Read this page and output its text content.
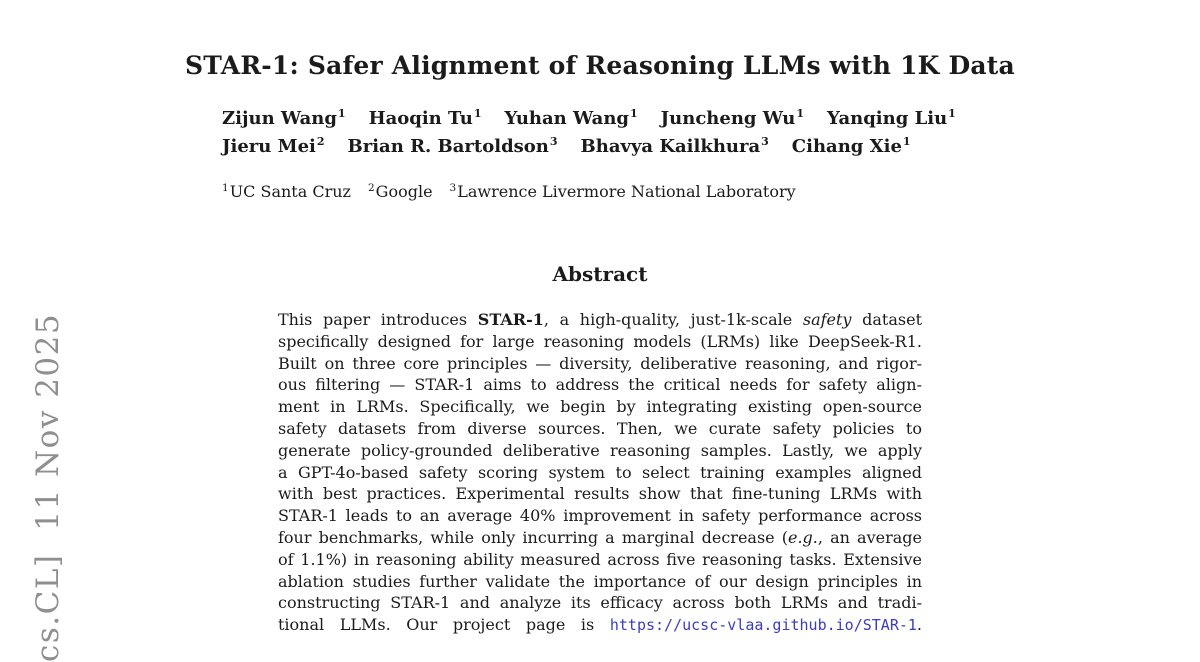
cs.CL]  11 Nov 2025
STAR-1: Safer Alignment of Reasoning LLMs with 1K Data
Zijun Wang$^1$ Haoqin Tu$^1$ Yuhan Wang$^1$ Juncheng Wu$^1$ Yanqing Liu$^1$
Jieru Mei$^2$ Brian R. Bartoldson$^3$ Bhavya Kailkhura$^3$ Cihang Xie$^1$
$^1$UC Santa Cruz $^2$Google $^3$Lawrence Livermore National Laboratory
Abstract
This paper introduces STAR-1, a high-quality, just-1k-scale safety dataset
specifically designed for large reasoning models (LRMs) like DeepSeek-R1.
Built on three core principles — diversity, deliberative reasoning, and rigor-
ous filtering — STAR-1 aims to address the critical needs for safety align-
ment in LRMs. Specifically, we begin by integrating existing open-source
safety datasets from diverse sources. Then, we curate safety policies to
generate policy-grounded deliberative reasoning samples. Lastly, we apply
a GPT-4o-based safety scoring system to select training examples aligned
with best practices. Experimental results show that fine-tuning LRMs with
STAR-1 leads to an average 40% improvement in safety performance across
four benchmarks, while only incurring a marginal decrease (e.g., an average
of 1.1%) in reasoning ability measured across five reasoning tasks. Extensive
ablation studies further validate the importance of our design principles in
constructing STAR-1 and analyze its efficacy across both LRMs and tradi-
tional LLMs. Our project page is https://ucsc-vlaa.github.io/STAR-1.
